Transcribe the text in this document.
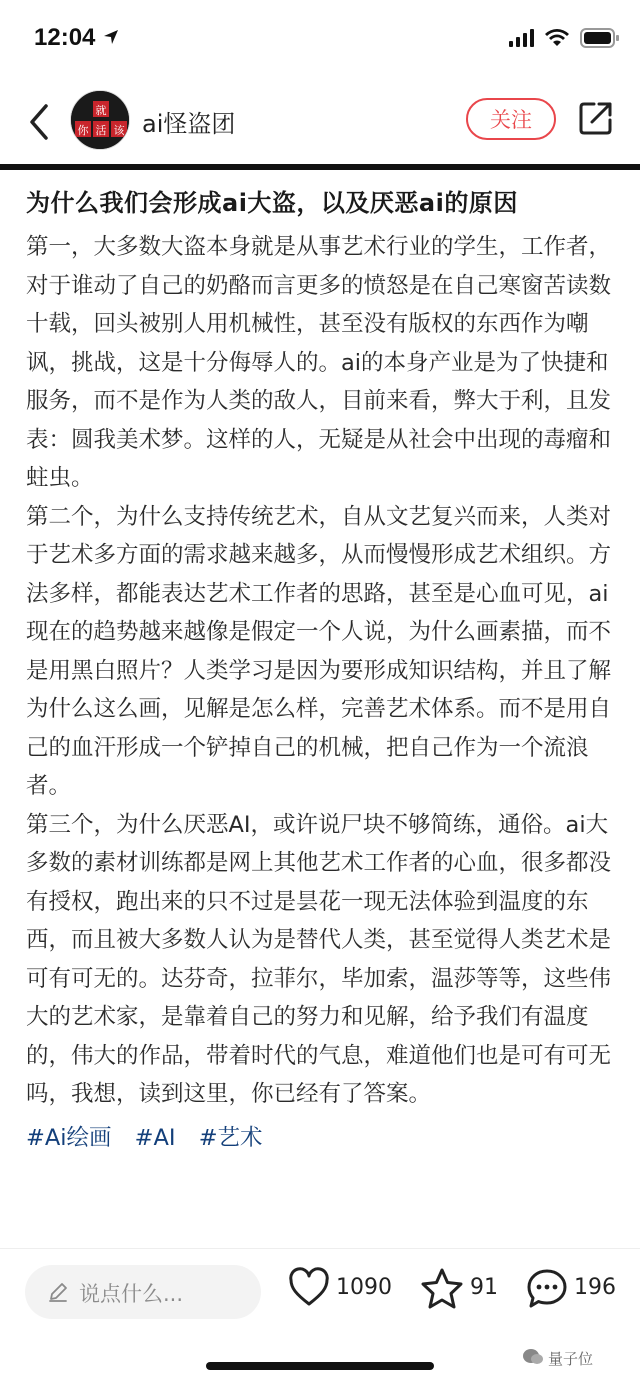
12:04
就
你 活 该 ai怪盗团	关注
为什么我们会形成ai大盗，以及厌恶ai的原因

第一，大多数大盗本身就是从事艺术行业的学生，工作者，对于谁动了自己的奶酪而言更多的愤怒是在自己寒窗苦读数十载，回头被别人用机械性，甚至没有版权的东西作为嘲讽，挑战，这是十分侮辱人的。ai的本身产业是为了快捷和服务，而不是作为人类的敌人，目前来看，弊大于利，且发表：圆我美术梦。这样的人，无疑是从社会中出现的毒瘤和蛀虫。
第二个，为什么支持传统艺术，自从文艺复兴而来，人类对于艺术多方面的需求越来越多，从而慢慢形成艺术组织。方法多样，都能表达艺术工作者的思路，甚至是心血可见，ai现在的趋势越来越像是假定一个人说，为什么画素描，而不是用黑白照片？人类学习是因为要形成知识结构，并且了解为什么这么画，见解是怎么样，完善艺术体系。而不是用自己的血汗形成一个铲掉自己的机械，把自己作为一个流浪者。
第三个，为什么厌恶AI，或许说尸块不够简练，通俗。ai大多数的素材训练都是网上其他艺术工作者的心血，很多都没有授权，跑出来的只不过是昙花一现无法体验到温度的东西，而且被大多数人认为是替代人类，甚至觉得人类艺术是可有可无的。达芬奇，拉菲尔，毕加索，温莎等等，这些伟大的艺术家，是靠着自己的努力和见解，给予我们有温度的，伟大的作品，带着时代的气息，难道他们也是可有可无吗，我想，读到这里，你已经有了答案。

#Ai绘画 #AI #艺术
说点什么...	1090	91	196
量子位
